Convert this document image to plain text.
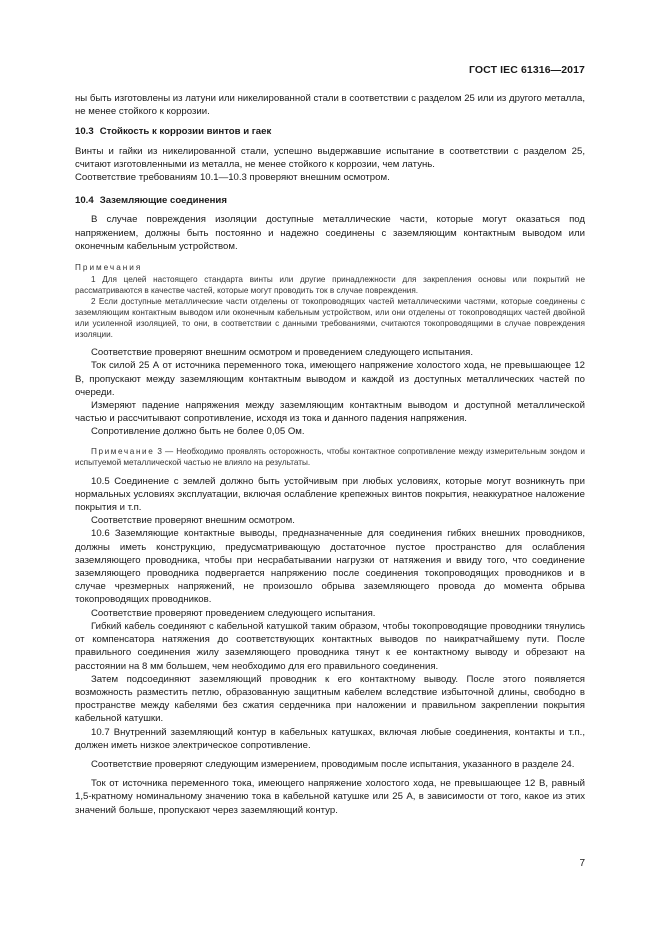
ГОСТ IEC 61316—2017

ны быть изготовлены из латуни или никелированной стали в соответствии с разделом 25 или из другого металла, не менее стойкого к коррозии.

10.3 Стойкость к коррозии винтов и гаек

Винты и гайки из никелированной стали, успешно выдержавшие испытание в соответствии с разделом 25, считают изготовленными из металла, не менее стойкого к коррозии, чем латунь.

Соответствие требованиям 10.1—10.3 проверяют внешним осмотром.

10.4 Заземляющие соединения

В случае повреждения изоляции доступные металлические части, которые могут оказаться под напряжением, должны быть постоянно и надежно соединены с заземляющим контактным выводом или оконечным кабельным устройством.

Примечания

1 Для целей настоящего стандарта винты или другие принадлежности для закрепления основы или покрытий не рассматриваются в качестве частей, которые могут проводить ток в случае повреждения.

2 Если доступные металлические части отделены от токопроводящих частей металлическими частями, которые соединены с заземляющим контактным выводом или оконечным кабельным устройством, или они отделены от токопроводящих частей двойной или усиленной изоляцией, то они, в соответствии с данными требованиями, считаются токопроводящими в случае повреждения изоляции.

Соответствие проверяют внешним осмотром и проведением следующего испытания.

Ток силой 25 А от источника переменного тока, имеющего напряжение холостого хода, не превышающее 12 В, пропускают между заземляющим контактным выводом и каждой из доступных металлических частей по очереди.

Измеряют падение напряжения между заземляющим контактным выводом и доступной металлической частью и рассчитывают сопротивление, исходя из тока и данного падения напряжения.

Сопротивление должно быть не более 0,05 Ом.

Примечание 3 — Необходимо проявлять осторожность, чтобы контактное сопротивление между измерительным зондом и испытуемой металлической частью не влияло на результаты.

10.5 Соединение с землей должно быть устойчивым при любых условиях, которые могут возникнуть при нормальных условиях эксплуатации, включая ослабление крепежных винтов покрытия, неаккуратное наложение покрытия и т.п.

Соответствие проверяют внешним осмотром.

10.6 Заземляющие контактные выводы, предназначенные для соединения гибких внешних проводников, должны иметь конструкцию, предусматривающую достаточное пустое пространство для ослабления заземляющего проводника, чтобы при несрабатывании нагрузки от натяжения и ввиду того, что соединение заземляющего проводника подвергается напряжению после соединения токопроводящих проводников и в случае чрезмерных напряжений, не произошло обрыва заземляющего провода до момента обрыва токопроводящих проводников.

Соответствие проверяют проведением следующего испытания.

Гибкий кабель соединяют с кабельной катушкой таким образом, чтобы токопроводящие проводники тянулись от компенсатора натяжения до соответствующих контактных выводов по наикратчайшему пути. После правильного соединения жилу заземляющего проводника тянут к ее контактному выводу и обрезают на расстоянии на 8 мм большем, чем необходимо для его правильного соединения.

Затем подсоединяют заземляющий проводник к его контактному выводу. После этого появляется возможность разместить петлю, образованную защитным кабелем вследствие избыточной длины, свободно в пространстве между кабелями без сжатия сердечника при наложении и правильном закреплении покрытия кабельной катушки.

10.7 Внутренний заземляющий контур в кабельных катушках, включая любые соединения, контакты и т.п., должен иметь низкое электрическое сопротивление.

Соответствие проверяют следующим измерением, проводимым после испытания, указанного в разделе 24.

Ток от источника переменного тока, имеющего напряжение холостого хода, не превышающее 12 В, равный 1,5-кратному номинальному значению тока в кабельной катушке или 25 А, в зависимости от того, какое из этих значений больше, пропускают через заземляющий контур.

7
